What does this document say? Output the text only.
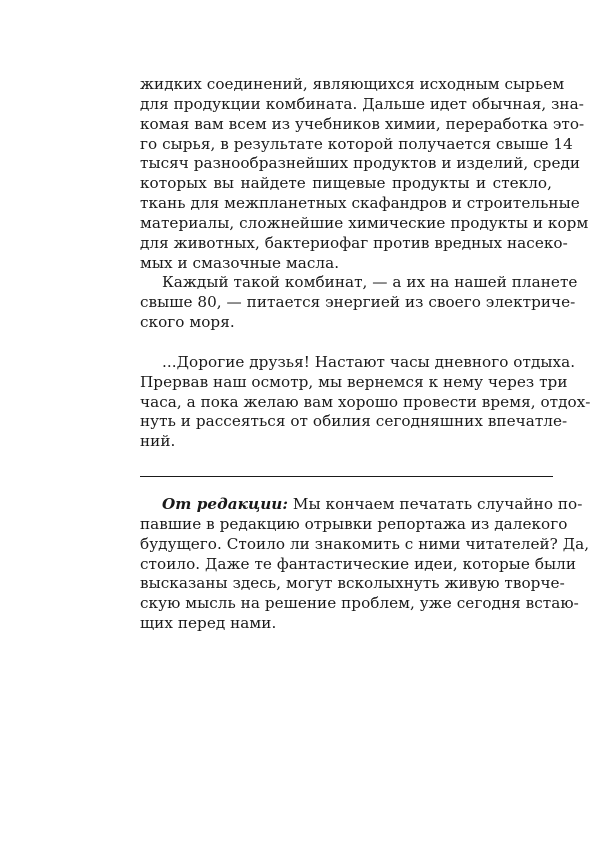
жидких соединений, являющихся исходным сырьем
для продукции комбината. Дальше идет обычная, зна-
комая вам всем из учебников химии, переработка это-
го сырья, в результате которой получается свыше 14
тысяч разнообразнейших продуктов и изделий, среди
которых вы найдете пищевые продукты и стекло,
ткань для межпланетных скафандров и строительные
материалы, сложнейшие химические продукты и корм
для животных, бактериофаг против вредных насеко-
мых и смазочные масла.
Каждый такой комбинат, — а их на нашей планете
свыше 80, — питается энергией из своего электриче-
ского моря.
...Дорогие друзья! Настают часы дневного отдыха.
Прервав наш осмотр, мы вернемся к нему через три
часа, а пока желаю вам хорошо провести время, отдох-
нуть и рассеяться от обилия сегодняшних впечатле-
ний.
От редакции: Мы кончаем печатать случайно по-
павшие в редакцию отрывки репортажа из далекого
будущего. Стоило ли знакомить с ними читателей? Да,
стоило. Даже те фантастические идеи, которые были
высказаны здесь, могут всколыхнуть живую творче-
скую мысль на решение проблем, уже сегодня встаю-
щих перед нами.
